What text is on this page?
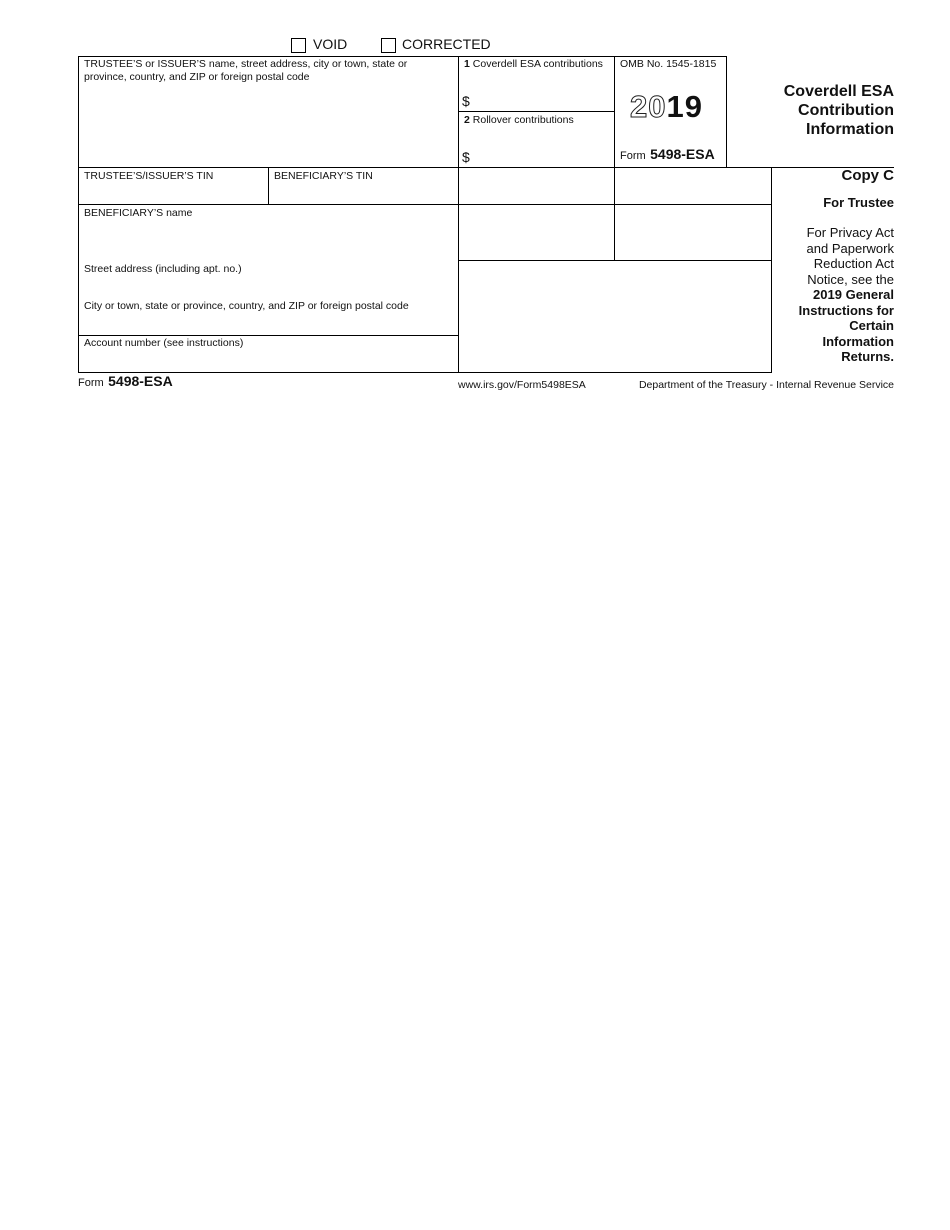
VOID	CORRECTED
TRUSTEE’S or ISSUER’S name, street address, city or town, state or province, country, and ZIP or foreign postal code
1 Coverdell ESA contributions
$
2 Rollover contributions
$
OMB No. 1545-1815
2019
Form 5498-ESA
Coverdell ESA
Contribution
Information
TRUSTEE’S/ISSUER’S TIN	BENEFICIARY’S TIN
BENEFICIARY’S name
Street address (including apt. no.)
City or town, state or province, country, and ZIP or foreign postal code
Account number (see instructions)
Copy C
For Trustee
For Privacy Act
and Paperwork
Reduction Act
Notice, see the
2019 General
Instructions for
Certain
Information
Returns.
Form 5498-ESA	www.irs.gov/Form5498ESA	Department of the Treasury - Internal Revenue Service
